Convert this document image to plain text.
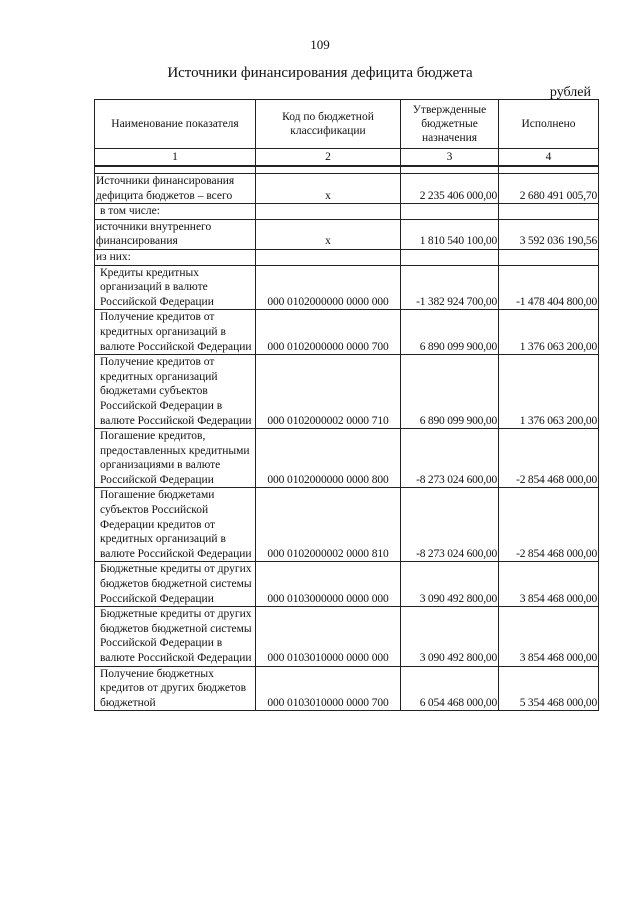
109
Источники финансирования дефицита бюджета
рублей
Наименование показателя	Код по бюджетной классификации	Утвержденные бюджетные назначения	Исполнено
1	2	3	4

Источники финансирования дефицита бюджетов – всего	x	2 235 406 000,00	2 680 491 005,70
в том числе:			
источники внутреннего финансирования	x	1 810 540 100,00	3 592 036 190,56
из них:			
Кредиты кредитных организаций в валюте Российской Федерации	000 0102000000 0000 000	-1 382 924 700,00	-1 478 404 800,00
Получение кредитов от кредитных организаций в валюте Российской Федерации	000 0102000000 0000 700	6 890 099 900,00	1 376 063 200,00
Получение кредитов от кредитных организаций бюджетами субъектов Российской Федерации в валюте Российской Федерации	000 0102000002 0000 710	6 890 099 900,00	1 376 063 200,00
Погашение кредитов, предоставленных кредитными организациями в валюте Российской Федерации	000 0102000000 0000 800	-8 273 024 600,00	-2 854 468 000,00
Погашение бюджетами субъектов Российской Федерации кредитов от кредитных организаций в валюте Российской Федерации	000 0102000002 0000 810	-8 273 024 600,00	-2 854 468 000,00
Бюджетные кредиты от других бюджетов бюджетной системы Российской Федерации	000 0103000000 0000 000	3 090 492 800,00	3 854 468 000,00
Бюджетные кредиты от других бюджетов бюджетной системы Российской Федерации в валюте Российской Федерации	000 0103010000 0000 000	3 090 492 800,00	3 854 468 000,00
Получение бюджетных кредитов от других бюджетов бюджетной	000 0103010000 0000 700	6 054 468 000,00	5 354 468 000,00
